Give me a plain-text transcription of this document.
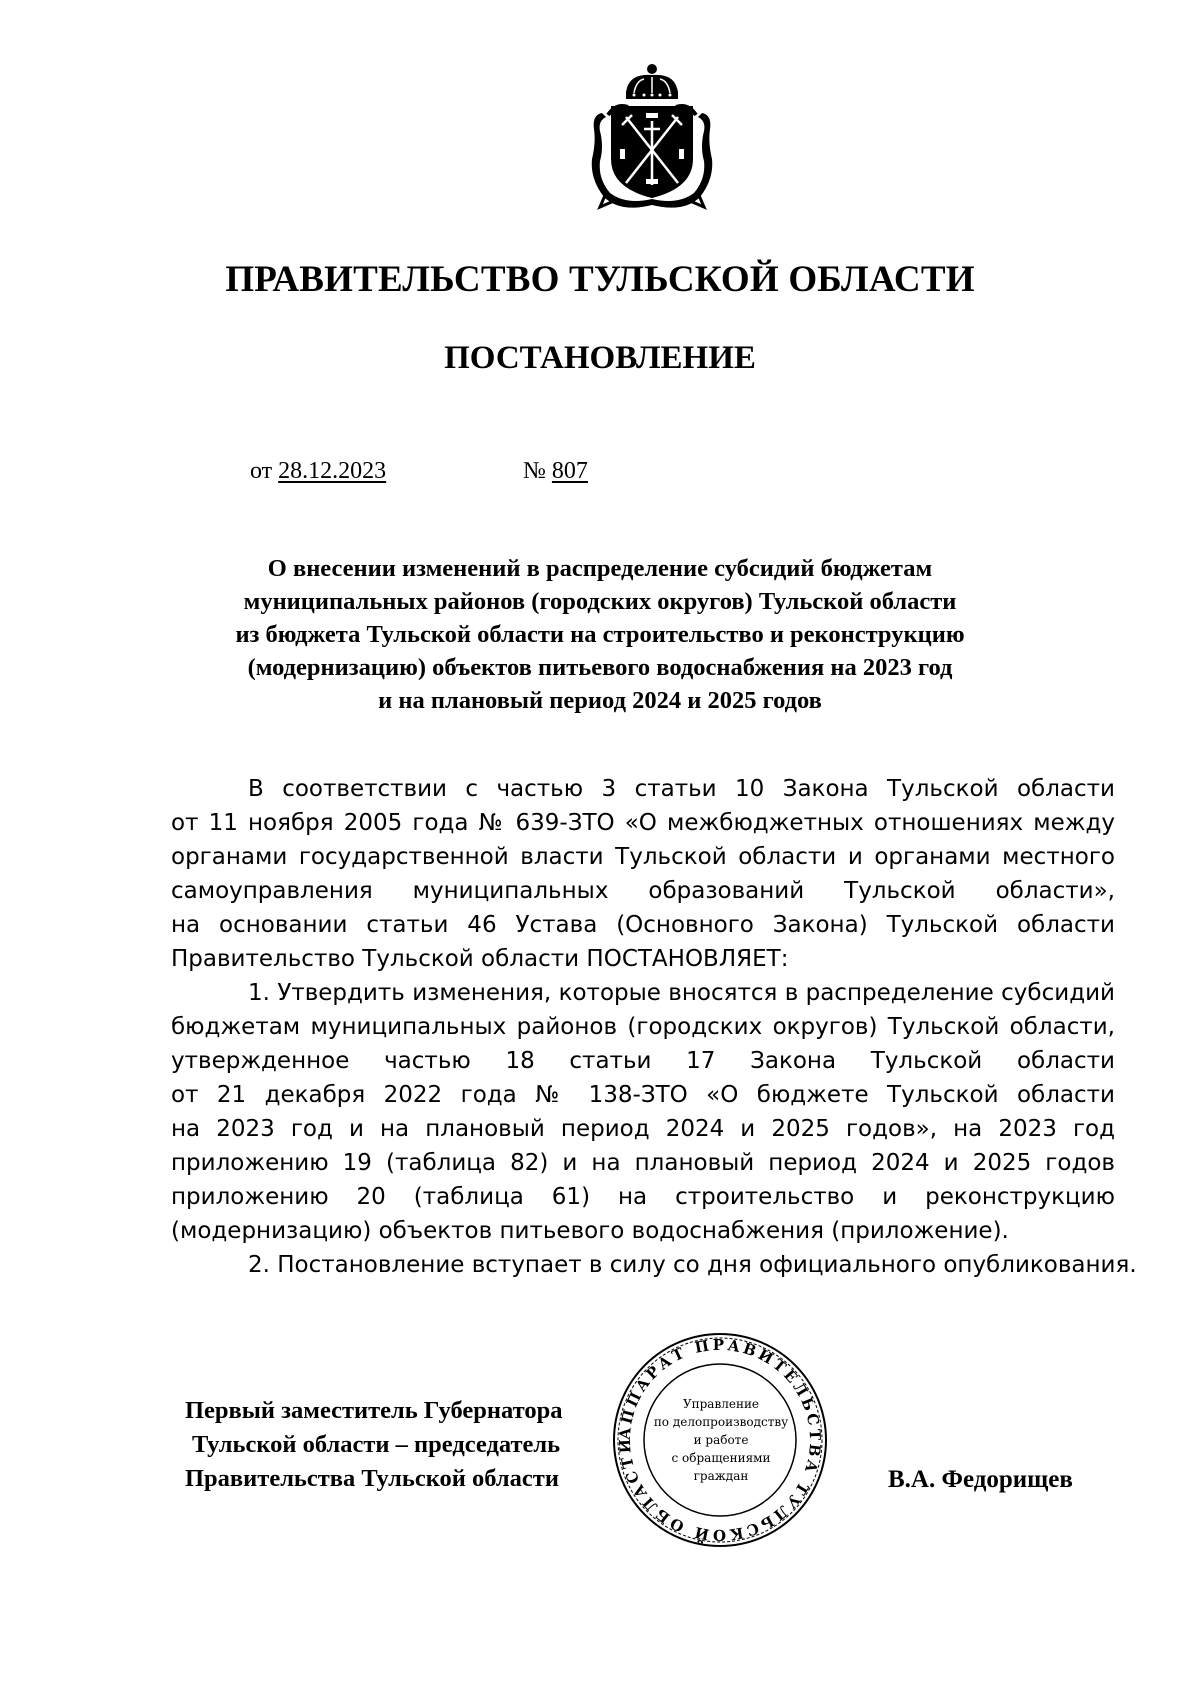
ПРАВИТЕЛЬСТВО ТУЛЬСКОЙ ОБЛАСТИ
ПОСТАНОВЛЕНИЕ
от 28.12.2023	№ 807
О внесении изменений в распределение субсидий бюджетам
муниципальных районов (городских округов) Тульской области
из бюджета Тульской области на строительство и реконструкцию
(модернизацию) объектов питьевого водоснабжения на 2023 год
и на плановый период 2024 и 2025 годов
В соответствии с частью 3 статьи 10 Закона Тульской области
от 11 ноября 2005 года № 639-ЗТО «О межбюджетных отношениях между
органами государственной власти Тульской области и органами местного
самоуправления муниципальных образований Тульской области»,
на основании статьи 46 Устава (Основного Закона) Тульской области
Правительство Тульской области ПОСТАНОВЛЯЕТ:
1. Утвердить изменения, которые вносятся в распределение субсидий
бюджетам муниципальных районов (городских округов) Тульской области,
утвержденное частью 18 статьи 17 Закона Тульской области
от 21 декабря 2022 года № 138-ЗТО «О бюджете Тульской области
на 2023 год и на плановый период 2024 и 2025 годов», на 2023 год
приложению 19 (таблица 82) и на плановый период 2024 и 2025 годов
приложению 20 (таблица 61) на строительство и реконструкцию
(модернизацию) объектов питьевого водоснабжения (приложение).
2. Постановление вступает в силу со дня официального опубликования.
АППАРАТ ПРАВИТЕЛЬСТВА ТУЛЬСКОЙ ОБЛАСТИ
Управление
по делопроизводству
и работе
с обращениями
граждан
Первый заместитель Губернатора
Тульской области – председатель
Правительства Тульской области	В.А. Федорищев
